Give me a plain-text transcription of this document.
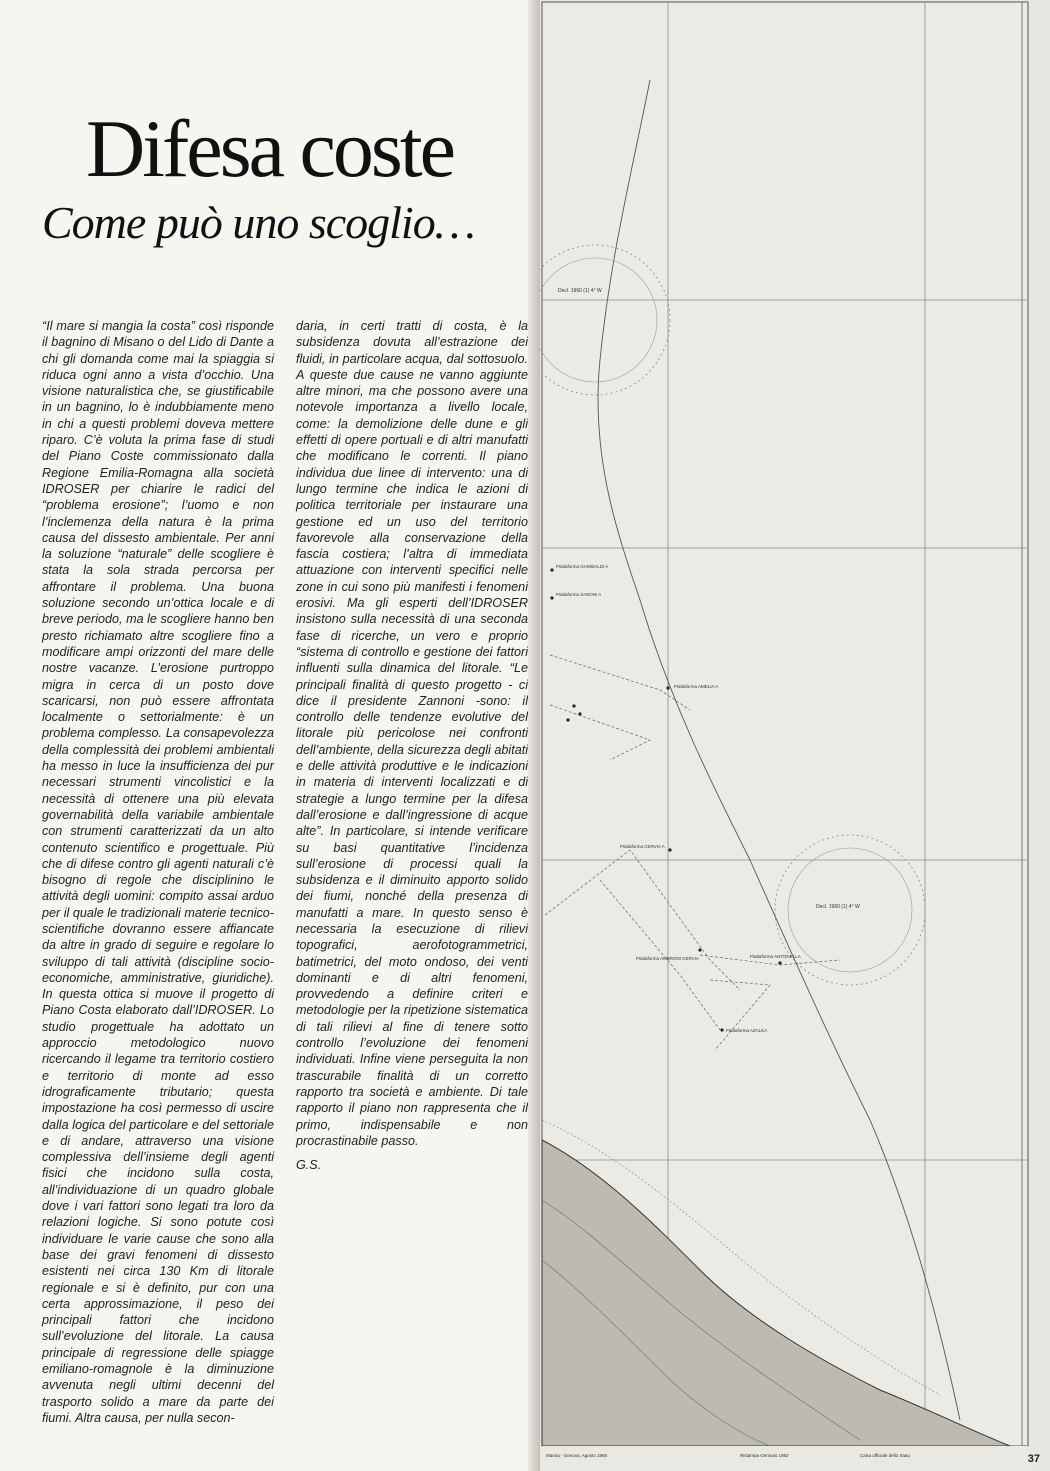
Difesa coste
Come può uno scoglio…

“Il mare si mangia la costa” così risponde il bagnino di Misano o del Lido di Dante a chi gli domanda come mai la spiaggia si riduca ogni anno a vista d’occhio. Una visione naturalistica che, se giustificabile in un bagnino, lo è indubbiamente meno in chi a questi problemi doveva mettere riparo. C’è voluta la prima fase di studi del Piano Coste commissionato dalla Regione Emilia-Romagna alla società IDROSER per chiarire le radici del “problema erosione”; l’uomo e non l’inclemenza della natura è la prima causa del dissesto ambientale. Per anni la soluzione “naturale” delle scogliere è stata la sola strada percorsa per affrontare il problema. Una buona soluzione secondo un’ottica locale e di breve periodo, ma le scogliere hanno ben presto richiamato altre scogliere fino a modificare ampi orizzonti del mare delle nostre vacanze. L’erosione purtroppo migra in cerca di un posto dove scaricarsi, non può essere affrontata localmente o settorialmente: è un problema complesso. La consapevolezza della complessità dei problemi ambientali ha messo in luce la insufficienza dei pur necessari strumenti vincolistici e la necessità di ottenere una più elevata governabilità della variabile ambientale con strumenti caratterizzati da un alto contenuto scientifico e progettuale. Più che di difese contro gli agenti naturali c’è bisogno di regole che disciplinino le attività degli uomini: compito assai arduo per il quale le tradizionali materie tecnico-scientifiche dovranno essere affiancate da altre in grado di seguire e regolare lo sviluppo di tali attività (discipline socio-economiche, amministrative, giuridiche). In questa ottica si muove il progetto di Piano Costa elaborato dall’IDROSER. Lo studio progettuale ha adottato un approccio metodologico nuovo ricercando il legame tra territorio costiero e territorio di monte ad esso idrograficamente tributario; questa impostazione ha così permesso di uscire dalla logica del particolare e del settoriale e di andare, attraverso una visione complessiva dell’insieme degli agenti fisici che incidono sulla costa, all’individuazione di un quadro globale dove i vari fattori sono legati tra loro da relazioni logiche. Si sono potute così individuare le varie cause che sono alla base dei gravi fenomeni di dissesto esistenti nei circa 130 Km di litorale regionale e si è definito, pur con una certa approssimazione, il peso dei principali fattori che incidono sull’evoluzione del litorale. La causa principale di regressione delle spiagge emiliano-romagnole è la diminuzione avvenuta negli ultimi decenni del trasporto solido a mare da parte dei fiumi. Altra causa, per nulla secon-

daria, in certi tratti di costa, è la subsidenza dovuta all’estrazione dei fluidi, in particolare acqua, dal sottosuolo. A queste due cause ne vanno aggiunte altre minori, ma che possono avere una notevole importanza a livello locale, come: la demolizione delle dune e gli effetti di opere portuali e di altri manufatti che modificano le correnti. Il piano individua due linee di intervento: una di lungo termine che indica le azioni di politica territoriale per instaurare una gestione ed un uso del territorio favorevole alla conservazione della fascia costiera; l’altra di immediata attuazione con interventi specifici nelle zone in cui sono più manifesti i fenomeni erosivi. Ma gli esperti dell’IDROSER insistono sulla necessità di una seconda fase di ricerche, un vero e proprio “sistema di controllo e gestione dei fattori influenti sulla dinamica del litorale. “Le principali finalità di questo progetto - ci dice il presidente Zannoni -sono: il controllo delle tendenze evolutive del litorale più pericolose nei confronti dell’ambiente, della sicurezza degli abitati e delle attività produttive e le indicazioni in materia di interventi localizzati e di strategie a lungo termine per la difesa dall’erosione e dall’ingressione di acque alte”. In particolare, si intende verificare su basi quantitative l’incidenza sull’erosione di processi quali la subsidenza e il diminuito apporto solido dei fiumi, nonché della presenza di manufatti a mare. In questo senso è necessaria la esecuzione di rilievi topografici, aerofotogrammetrici, batimetrici, del moto ondoso, dei venti dominanti e di altri fenomeni, provvedendo a definire criteri e metodologie per la ripetizione sistematica di tali rilievi al fine di tenere sotto controllo l’evoluzione dei fenomeni individuati. Infine viene perseguita la non trascurabile finalità di un corretto rapporto tra società e ambiente. Di tale rapporto il piano non rappresenta che il primo, indispensabile e non procrastinabile passo.

G.S.

Decl. 1960 (1) 4° W
Decl. 1960 (1) 4° W
Piattaforma GARIBALDI A
Piattaforma ZANONI A
Piattaforma AMELIA A
Piattaforma CERVIA A
Piattaforma AMBRONI CERVIA	Piattaforma ANTONELLA
Piattaforma AZALEA
Marina - Genova, Agosto 1969	Ristampa Gennaio 1982	Carta ufficiale dello Stato	37
